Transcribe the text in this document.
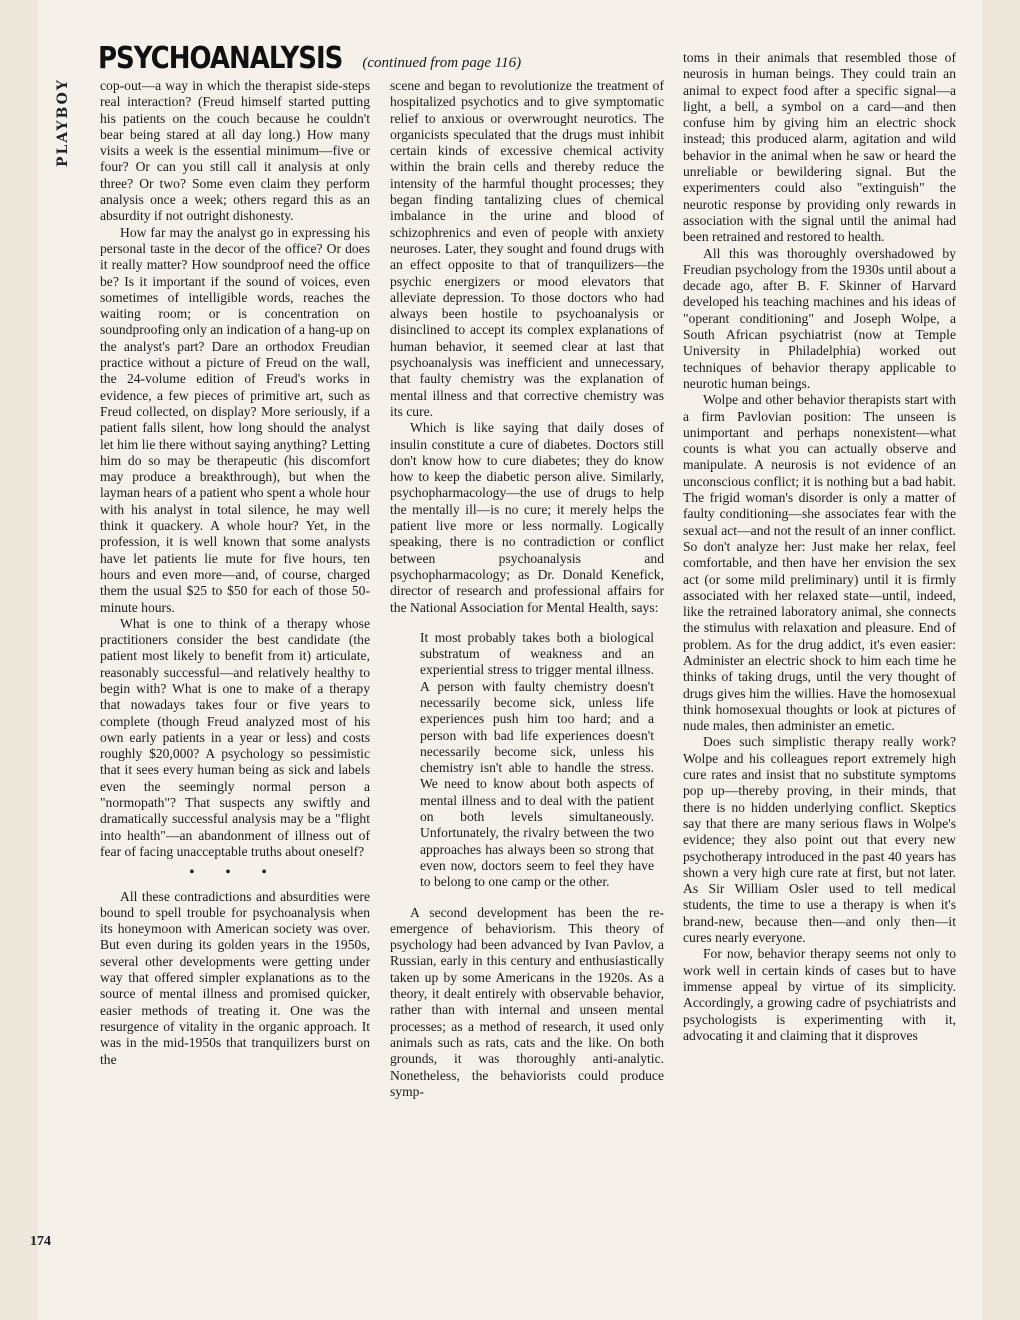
PLAYBOY
174
PSYCHOANALYSIS (continued from page 116)

cop-out—a way in which the therapist side-steps real interaction? (Freud himself started putting his patients on the couch because he couldn't bear being stared at all day long.) How many visits a week is the essential minimum—five or four? Or can you still call it analysis at only three? Or two? Some even claim they perform analysis once a week; others regard this as an absurdity if not outright dishonesty.

How far may the analyst go in expressing his personal taste in the decor of the office? Or does it really matter? How soundproof need the office be? Is it important if the sound of voices, even sometimes of intelligible words, reaches the waiting room; or is concentration on soundproofing only an indication of a hang-up on the analyst's part? Dare an orthodox Freudian practice without a picture of Freud on the wall, the 24-volume edition of Freud's works in evidence, a few pieces of primitive art, such as Freud collected, on display? More seriously, if a patient falls silent, how long should the analyst let him lie there without saying anything? Letting him do so may be therapeutic (his discomfort may produce a breakthrough), but when the layman hears of a patient who spent a whole hour with his analyst in total silence, he may well think it quackery. A whole hour? Yet, in the profession, it is well known that some analysts have let patients lie mute for five hours, ten hours and even more—and, of course, charged them the usual $25 to $50 for each of those 50-minute hours.

What is one to think of a therapy whose practitioners consider the best candidate (the patient most likely to benefit from it) articulate, reasonably successful—and relatively healthy to begin with? What is one to make of a therapy that nowadays takes four or five years to complete (though Freud analyzed most of his own early patients in a year or less) and costs roughly $20,000? A psychology so pessimistic that it sees every human being as sick and labels even the seemingly normal person a "normopath"? That suspects any swiftly and dramatically successful analysis may be a "flight into health"—an abandonment of illness out of fear of facing unacceptable truths about oneself?

• • •

All these contradictions and absurdities were bound to spell trouble for psychoanalysis when its honeymoon with American society was over. But even during its golden years in the 1950s, several other developments were getting under way that offered simpler explanations as to the source of mental illness and promised quicker, easier methods of treating it. One was the resurgence of vitality in the organic approach. It was in the mid-1950s that tranquilizers burst on the

scene and began to revolutionize the treatment of hospitalized psychotics and to give symptomatic relief to anxious or overwrought neurotics. The organicists speculated that the drugs must inhibit certain kinds of excessive chemical activity within the brain cells and thereby reduce the intensity of the harmful thought processes; they began finding tantalizing clues of chemical imbalance in the urine and blood of schizophrenics and even of people with anxiety neuroses. Later, they sought and found drugs with an effect opposite to that of tranquilizers—the psychic energizers or mood elevators that alleviate depression. To those doctors who had always been hostile to psychoanalysis or disinclined to accept its complex explanations of human behavior, it seemed clear at last that psychoanalysis was inefficient and unnecessary, that faulty chemistry was the explanation of mental illness and that corrective chemistry was its cure.

Which is like saying that daily doses of insulin constitute a cure of diabetes. Doctors still don't know how to cure diabetes; they do know how to keep the diabetic person alive. Similarly, psychopharmacology—the use of drugs to help the mentally ill—is no cure; it merely helps the patient live more or less normally. Logically speaking, there is no contradiction or conflict between psychoanalysis and psychopharmacology; as Dr. Donald Kenefick, director of research and professional affairs for the National Association for Mental Health, says:

It most probably takes both a biological substratum of weakness and an experiential stress to trigger mental illness. A person with faulty chemistry doesn't necessarily become sick, unless life experiences push him too hard; and a person with bad life experiences doesn't necessarily become sick, unless his chemistry isn't able to handle the stress. We need to know about both aspects of mental illness and to deal with the patient on both levels simultaneously. Unfortunately, the rivalry between the two approaches has always been so strong that even now, doctors seem to feel they have to belong to one camp or the other.

A second development has been the re-emergence of behaviorism. This theory of psychology had been advanced by Ivan Pavlov, a Russian, early in this century and enthusiastically taken up by some Americans in the 1920s. As a theory, it dealt entirely with observable behavior, rather than with internal and unseen mental processes; as a method of research, it used only animals such as rats, cats and the like. On both grounds, it was thoroughly anti-analytic. Nonetheless, the behaviorists could produce symp-

toms in their animals that resembled those of neurosis in human beings. They could train an animal to expect food after a specific signal—a light, a bell, a symbol on a card—and then confuse him by giving him an electric shock instead; this produced alarm, agitation and wild behavior in the animal when he saw or heard the unreliable or bewildering signal. But the experimenters could also "extinguish" the neurotic response by providing only rewards in association with the signal until the animal had been retrained and restored to health.

All this was thoroughly overshadowed by Freudian psychology from the 1930s until about a decade ago, after B. F. Skinner of Harvard developed his teaching machines and his ideas of "operant conditioning" and Joseph Wolpe, a South African psychiatrist (now at Temple University in Philadelphia) worked out techniques of behavior therapy applicable to neurotic human beings.

Wolpe and other behavior therapists start with a firm Pavlovian position: The unseen is unimportant and perhaps nonexistent—what counts is what you can actually observe and manipulate. A neurosis is not evidence of an unconscious conflict; it is nothing but a bad habit. The frigid woman's disorder is only a matter of faulty conditioning—she associates fear with the sexual act—and not the result of an inner conflict. So don't analyze her: Just make her relax, feel comfortable, and then have her envision the sex act (or some mild preliminary) until it is firmly associated with her relaxed state—until, indeed, like the retrained laboratory animal, she connects the stimulus with relaxation and pleasure. End of problem. As for the drug addict, it's even easier: Administer an electric shock to him each time he thinks of taking drugs, until the very thought of drugs gives him the willies. Have the homosexual think homosexual thoughts or look at pictures of nude males, then administer an emetic.

Does such simplistic therapy really work? Wolpe and his colleagues report extremely high cure rates and insist that no substitute symptoms pop up—thereby proving, in their minds, that there is no hidden underlying conflict. Skeptics say that there are many serious flaws in Wolpe's evidence; they also point out that every new psychotherapy introduced in the past 40 years has shown a very high cure rate at first, but not later. As Sir William Osler used to tell medical students, the time to use a therapy is when it's brand-new, because then—and only then—it cures nearly everyone.

For now, behavior therapy seems not only to work well in certain kinds of cases but to have immense appeal by virtue of its simplicity. Accordingly, a growing cadre of psychiatrists and psychologists is experimenting with it, advocating it and claiming that it disproves
